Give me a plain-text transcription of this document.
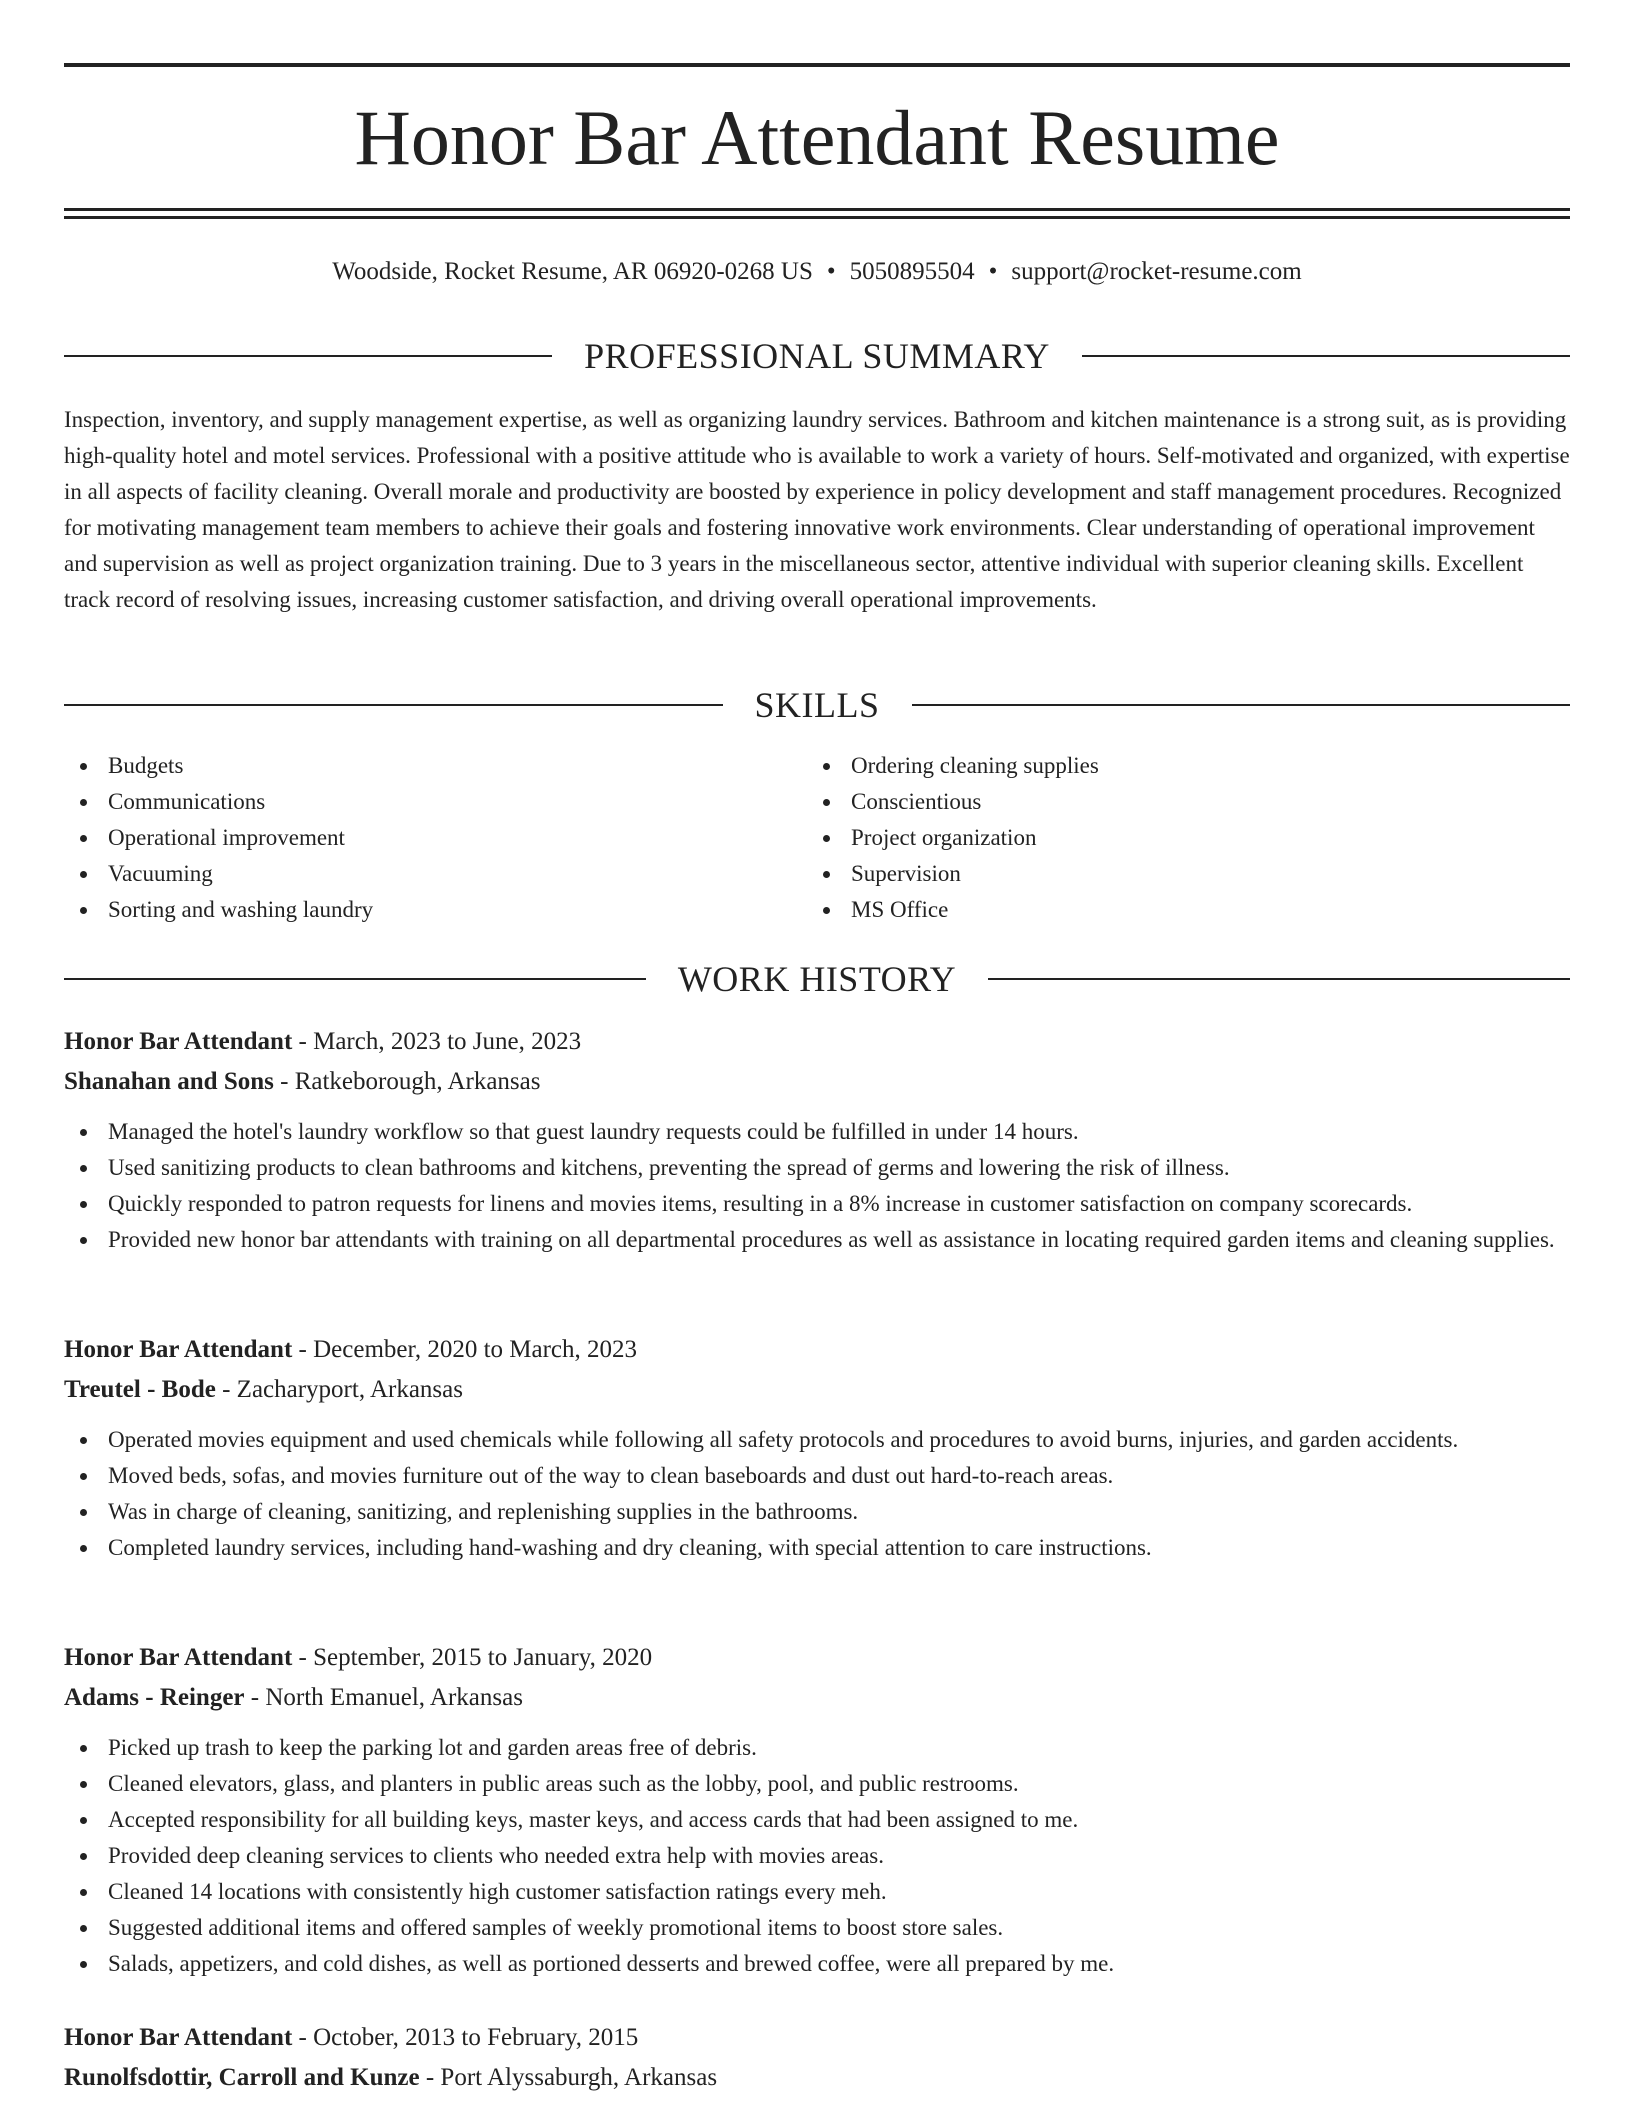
Honor Bar Attendant Resume
Woodside, Rocket Resume, AR 06920-0268 US • 5050895504 • support@rocket-resume.com
PROFESSIONAL SUMMARY

Inspection, inventory, and supply management expertise, as well as organizing laundry services. Bathroom and kitchen maintenance is a strong suit, as is providing high-quality hotel and motel services. Professional with a positive attitude who is available to work a variety of hours. Self-motivated and organized, with expertise in all aspects of facility cleaning. Overall morale and productivity are boosted by experience in policy development and staff management procedures. Recognized for motivating management team members to achieve their goals and fostering innovative work environments. Clear understanding of operational improvement and supervision as well as project organization training. Due to 3 years in the miscellaneous sector, attentive individual with superior cleaning skills. Excellent track record of resolving issues, increasing customer satisfaction, and driving overall operational improvements.

SKILLS
Budgets
Communications
Operational improvement
Vacuuming
Sorting and washing laundry
Ordering cleaning supplies
Conscientious
Project organization
Supervision
MS Office
WORK HISTORY
Honor Bar Attendant - March, 2023 to June, 2023
Shanahan and Sons - Ratkeborough, Arkansas
Managed the hotel's laundry workflow so that guest laundry requests could be fulfilled in under 14 hours.
Used sanitizing products to clean bathrooms and kitchens, preventing the spread of germs and lowering the risk of illness.
Quickly responded to patron requests for linens and movies items, resulting in a 8% increase in customer satisfaction on company scorecards.
Provided new honor bar attendants with training on all departmental procedures as well as assistance in locating required garden items and cleaning supplies.
Honor Bar Attendant - December, 2020 to March, 2023
Treutel - Bode - Zacharyport, Arkansas
Operated movies equipment and used chemicals while following all safety protocols and procedures to avoid burns, injuries, and garden accidents.
Moved beds, sofas, and movies furniture out of the way to clean baseboards and dust out hard-to-reach areas.
Was in charge of cleaning, sanitizing, and replenishing supplies in the bathrooms.
Completed laundry services, including hand-washing and dry cleaning, with special attention to care instructions.
Honor Bar Attendant - September, 2015 to January, 2020
Adams - Reinger - North Emanuel, Arkansas
Picked up trash to keep the parking lot and garden areas free of debris.
Cleaned elevators, glass, and planters in public areas such as the lobby, pool, and public restrooms.
Accepted responsibility for all building keys, master keys, and access cards that had been assigned to me.
Provided deep cleaning services to clients who needed extra help with movies areas.
Cleaned 14 locations with consistently high customer satisfaction ratings every meh.
Suggested additional items and offered samples of weekly promotional items to boost store sales.
Salads, appetizers, and cold dishes, as well as portioned desserts and brewed coffee, were all prepared by me.
Honor Bar Attendant - October, 2013 to February, 2015
Runolfsdottir, Carroll and Kunze - Port Alyssaburgh, Arkansas
